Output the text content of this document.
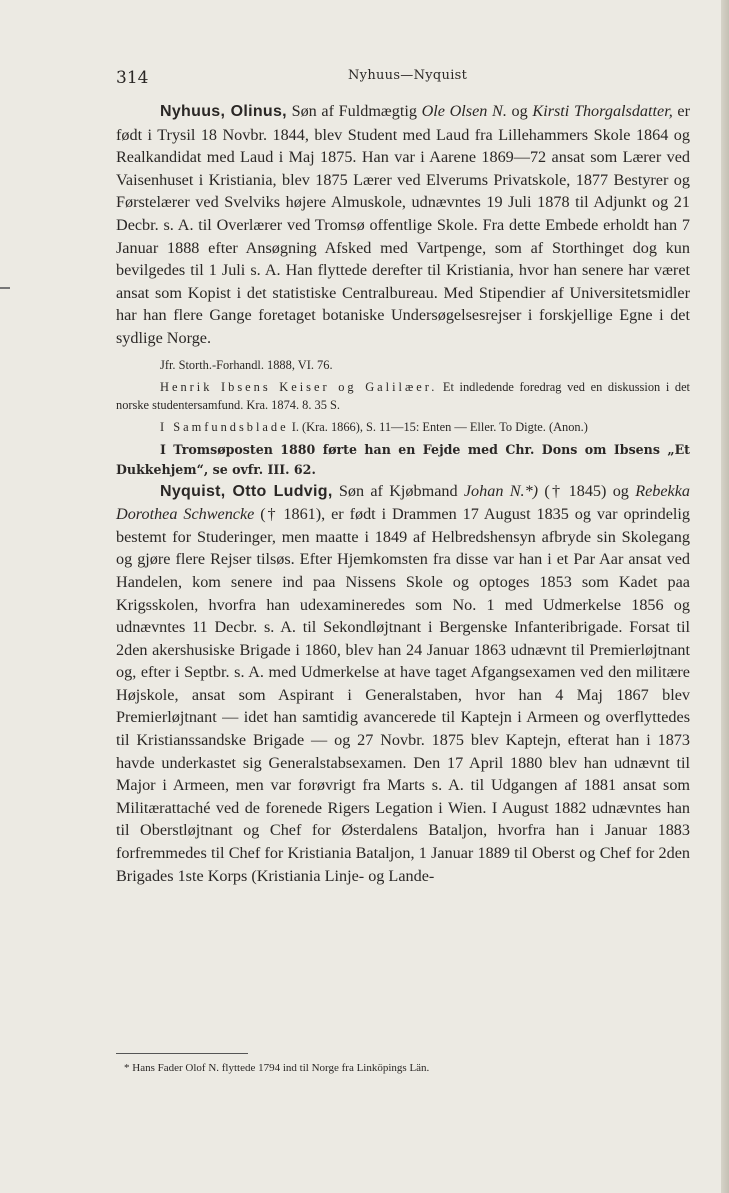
314	Nyhuus—Nyquist

Nyhuus, Olinus, Søn af Fuldmægtig Ole Olsen N. og Kirsti Thorgalsdatter, er født i Trysil 18 Novbr. 1844, blev Student med Laud fra Lillehammers Skole 1864 og Realkandidat med Laud i Maj 1875. Han var i Aarene 1869—72 ansat som Lærer ved Vaisenhuset i Kristiania, blev 1875 Lærer ved Elverums Privatskole, 1877 Bestyrer og Førstelærer ved Svelviks højere Almuskole, udnævntes 19 Juli 1878 til Adjunkt og 21 Decbr. s. A. til Overlærer ved Tromsø offentlige Skole. Fra dette Embede erholdt han 7 Januar 1888 efter Ansøgning Afsked med Vartpenge, som af Storthinget dog kun bevilgedes til 1 Juli s. A. Han flyttede derefter til Kristiania, hvor han senere har været ansat som Kopist i det statistiske Centralbureau. Med Stipendier af Universitetsmidler har han flere Gange foretaget botaniske Undersøgelsesrejser i forskjellige Egne i det sydlige Norge.

Jfr. Storth.-Forhandl. 1888, VI. 76.
Henrik Ibsens Keiser og Galilæer. Et indledende foredrag ved en diskussion i det norske studentersamfund. Kra. 1874. 8. 35 S.
I Samfundsblade I. (Kra. 1866), S. 11—15: Enten — Eller. To Digte. (Anon.)

I Tromsøposten 1880 førte han en Fejde med Chr. Dons om Ibsens „Et Dukkehjem“, se ovfr. III. 62.

Nyquist, Otto Ludvig, Søn af Kjøbmand Johan N.*) († 1845) og Rebekka Dorothea Schwencke († 1861), er født i Drammen 17 August 1835 og var oprindelig bestemt for Studeringer, men maatte i 1849 af Helbredshensyn afbryde sin Skolegang og gjøre flere Rejser tilsøs. Efter Hjemkomsten fra disse var han i et Par Aar ansat ved Handelen, kom senere ind paa Nissens Skole og optoges 1853 som Kadet paa Krigsskolen, hvorfra han udexamineredes som No. 1 med Udmerkelse 1856 og udnævntes 11 Decbr. s. A. til Sekondløjtnant i Bergenske Infanteribrigade. Forsat til 2den akershusiske Brigade i 1860, blev han 24 Januar 1863 udnævnt til Premierløjtnant og, efter i Septbr. s. A. med Udmerkelse at have taget Afgangsexamen ved den militære Højskole, ansat som Aspirant i Generalstaben, hvor han 4 Maj 1867 blev Premierløjtnant — idet han samtidig avancerede til Kaptejn i Armeen og overflyttedes til Kristianssandske Brigade — og 27 Novbr. 1875 blev Kaptejn, efterat han i 1873 havde underkastet sig Generalstabsexamen. Den 17 April 1880 blev han udnævnt til Major i Armeen, men var forøvrigt fra Marts s. A. til Udgangen af 1881 ansat som Militærattaché ved de forenede Rigers Legation i Wien. I August 1882 udnævntes han til Oberstløjtnant og Chef for Østerdalens Bataljon, hvorfra han i Januar 1883 forfremmedes til Chef for Kristiania Bataljon, 1 Januar 1889 til Oberst og Chef for 2den Brigades 1ste Korps (Kristiania Linje- og Lande-

* Hans Fader Olof N. flyttede 1794 ind til Norge fra Linköpings Län.
